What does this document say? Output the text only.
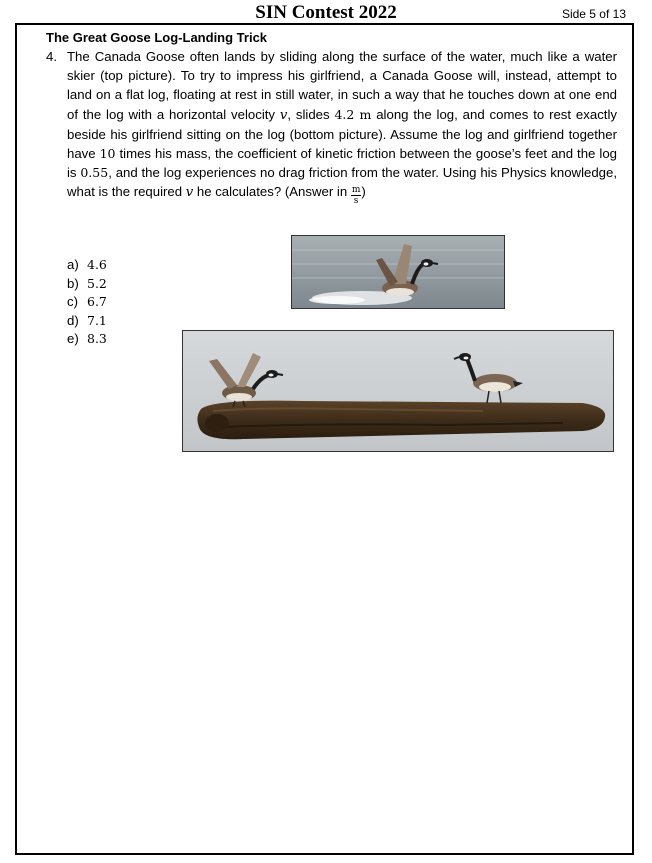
SIN Contest 2022	Side 5 of 13
The Great Goose Log-Landing Trick
4. The Canada Goose often lands by sliding along the surface of the water, much like a water skier (top picture). To try to impress his girlfriend, a Canada Goose will, instead, attempt to land on a flat log, floating at rest in still water, in such a way that he touches down at one end of the log with a horizontal velocity v, slides 4.2 m along the log, and comes to rest exactly beside his girlfriend sitting on the log (bottom picture). Assume the log and girlfriend together have 10 times his mass, the coefficient of kinetic friction between the goose’s feet and the log is 0.55, and the log experiences no drag friction from the water. Using his Physics knowledge, what is the required v he calculates? (Answer in $\frac{m}{s}$ )
a) 4.6
b) 5.2
c) 6.7
d) 7.1
e) 8.3
